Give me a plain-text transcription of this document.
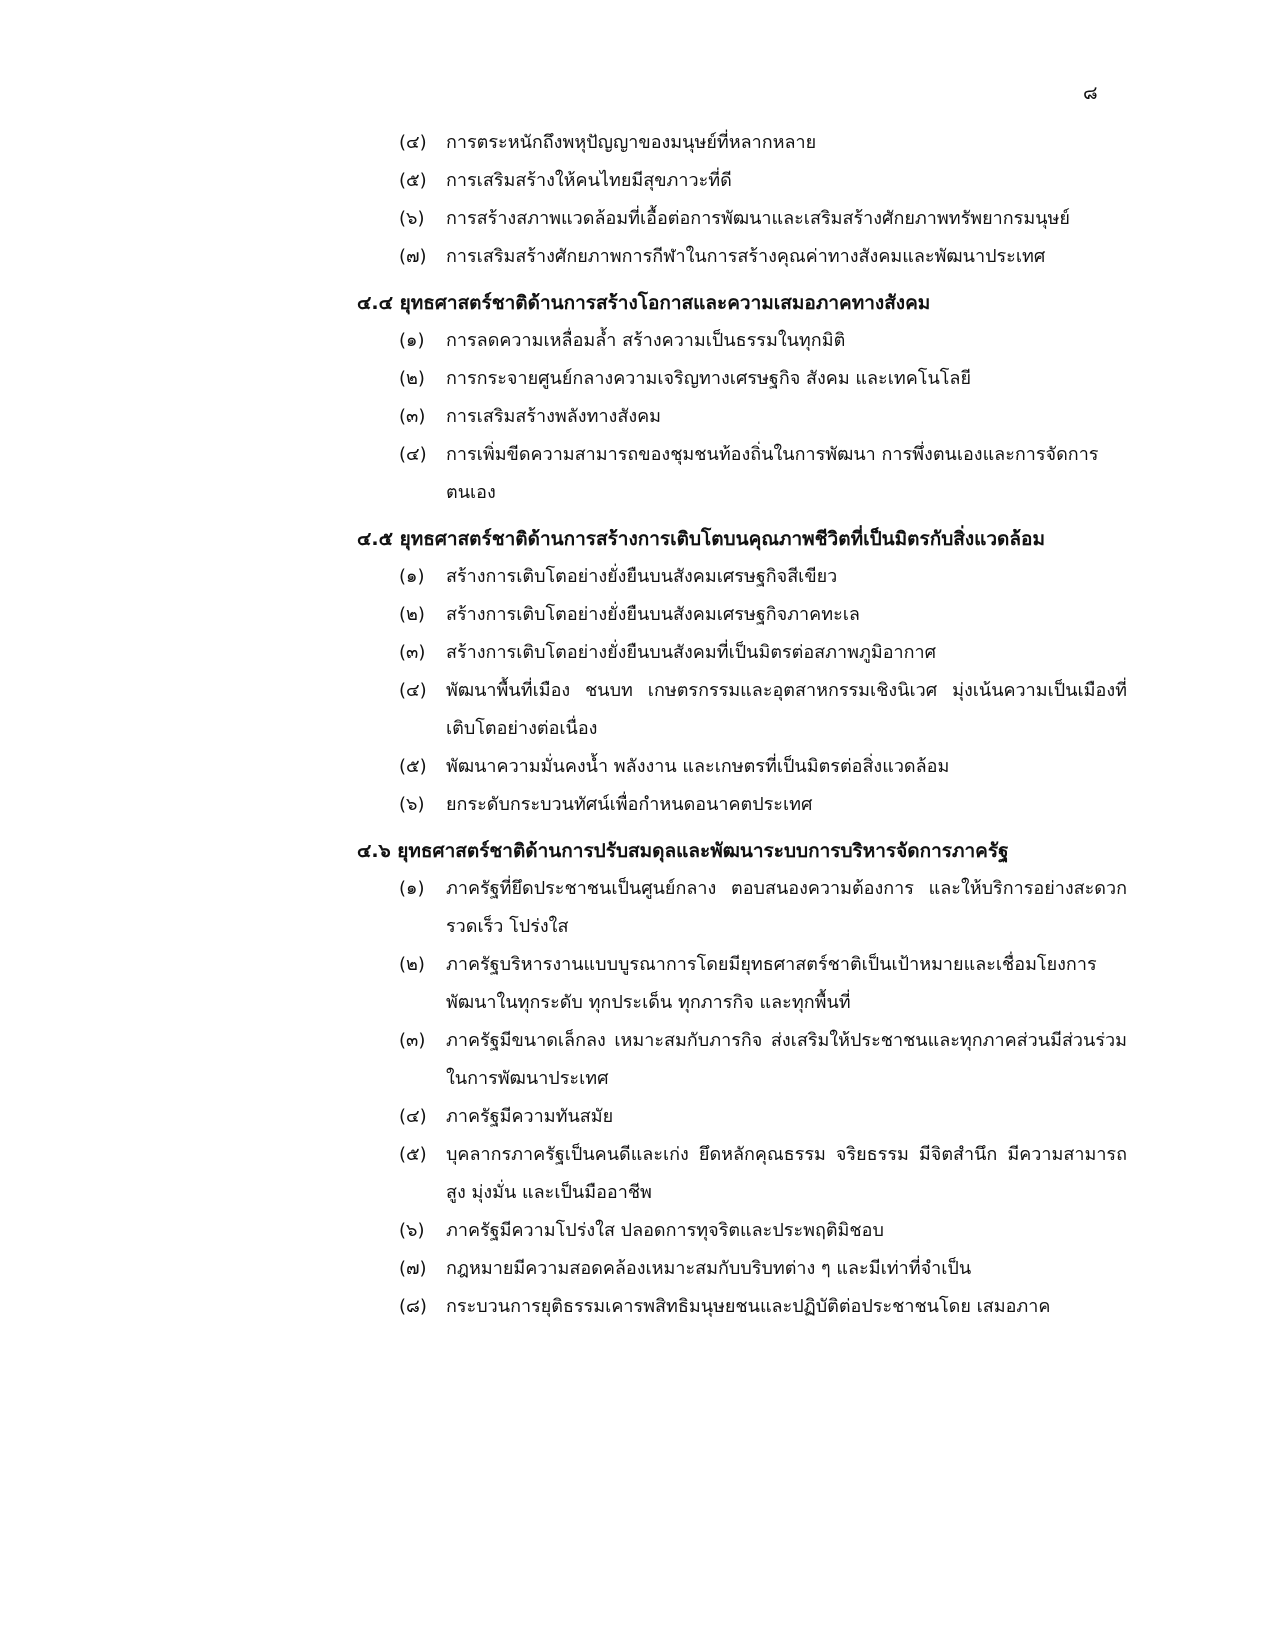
๘
(๔)	การตระหนักถึงพหุปัญญาของมนุษย์ที่หลากหลาย
(๕)	การเสริมสร้างให้คนไทยมีสุขภาวะที่ดี
(๖)	การสร้างสภาพแวดล้อมที่เอื้อต่อการพัฒนาและเสริมสร้างศักยภาพทรัพยากรมนุษย์
(๗)	การเสริมสร้างศักยภาพการกีฬาในการสร้างคุณค่าทางสังคมและพัฒนาประเทศ
๔.๔ ยุทธศาสตร์ชาติด้านการสร้างโอกาสและความเสมอภาคทางสังคม
(๑)	การลดความเหลื่อมล้ำ สร้างความเป็นธรรมในทุกมิติ
(๒)	การกระจายศูนย์กลางความเจริญทางเศรษฐกิจ สังคม และเทคโนโลยี
(๓)	การเสริมสร้างพลังทางสังคม
(๔)	การเพิ่มขีดความสามารถของชุมชนท้องถิ่นในการพัฒนา การพึ่งตนเองและการจัดการตนเอง
๔.๕ ยุทธศาสตร์ชาติด้านการสร้างการเติบโตบนคุณภาพชีวิตที่เป็นมิตรกับสิ่งแวดล้อม
(๑)	สร้างการเติบโตอย่างยั่งยืนบนสังคมเศรษฐกิจสีเขียว
(๒)	สร้างการเติบโตอย่างยั่งยืนบนสังคมเศรษฐกิจภาคทะเล
(๓)	สร้างการเติบโตอย่างยั่งยืนบนสังคมที่เป็นมิตรต่อสภาพภูมิอากาศ
(๔)	พัฒนาพื้นที่เมือง ชนบท เกษตรกรรมและอุตสาหกรรมเชิงนิเวศ มุ่งเน้นความเป็นเมืองที่เติบโตอย่างต่อเนื่อง
(๕)	พัฒนาความมั่นคงน้ำ พลังงาน และเกษตรที่เป็นมิตรต่อสิ่งแวดล้อม
(๖)	ยกระดับกระบวนทัศน์เพื่อกำหนดอนาคตประเทศ
๔.๖ ยุทธศาสตร์ชาติด้านการปรับสมดุลและพัฒนาระบบการบริหารจัดการภาครัฐ
(๑)	ภาครัฐที่ยึดประชาชนเป็นศูนย์กลาง ตอบสนองความต้องการ และให้บริการอย่างสะดวกรวดเร็ว โปร่งใส
(๒)	ภาครัฐบริหารงานแบบบูรณาการโดยมียุทธศาสตร์ชาติเป็นเป้าหมายและเชื่อมโยงการพัฒนาในทุกระดับ ทุกประเด็น ทุกภารกิจ และทุกพื้นที่
(๓)	ภาครัฐมีขนาดเล็กลง เหมาะสมกับภารกิจ ส่งเสริมให้ประชาชนและทุกภาคส่วนมีส่วนร่วมในการพัฒนาประเทศ
(๔)	ภาครัฐมีความทันสมัย
(๕)	บุคลากรภาครัฐเป็นคนดีและเก่ง ยึดหลักคุณธรรม จริยธรรม มีจิตสำนึก มีความสามารถสูง มุ่งมั่น และเป็นมืออาชีพ
(๖)	ภาครัฐมีความโปร่งใส ปลอดการทุจริตและประพฤติมิชอบ
(๗)	กฎหมายมีความสอดคล้องเหมาะสมกับบริบทต่าง ๆ และมีเท่าที่จำเป็น
(๘)	กระบวนการยุติธรรมเคารพสิทธิมนุษยชนและปฏิบัติต่อประชาชนโดย เสมอภาค
